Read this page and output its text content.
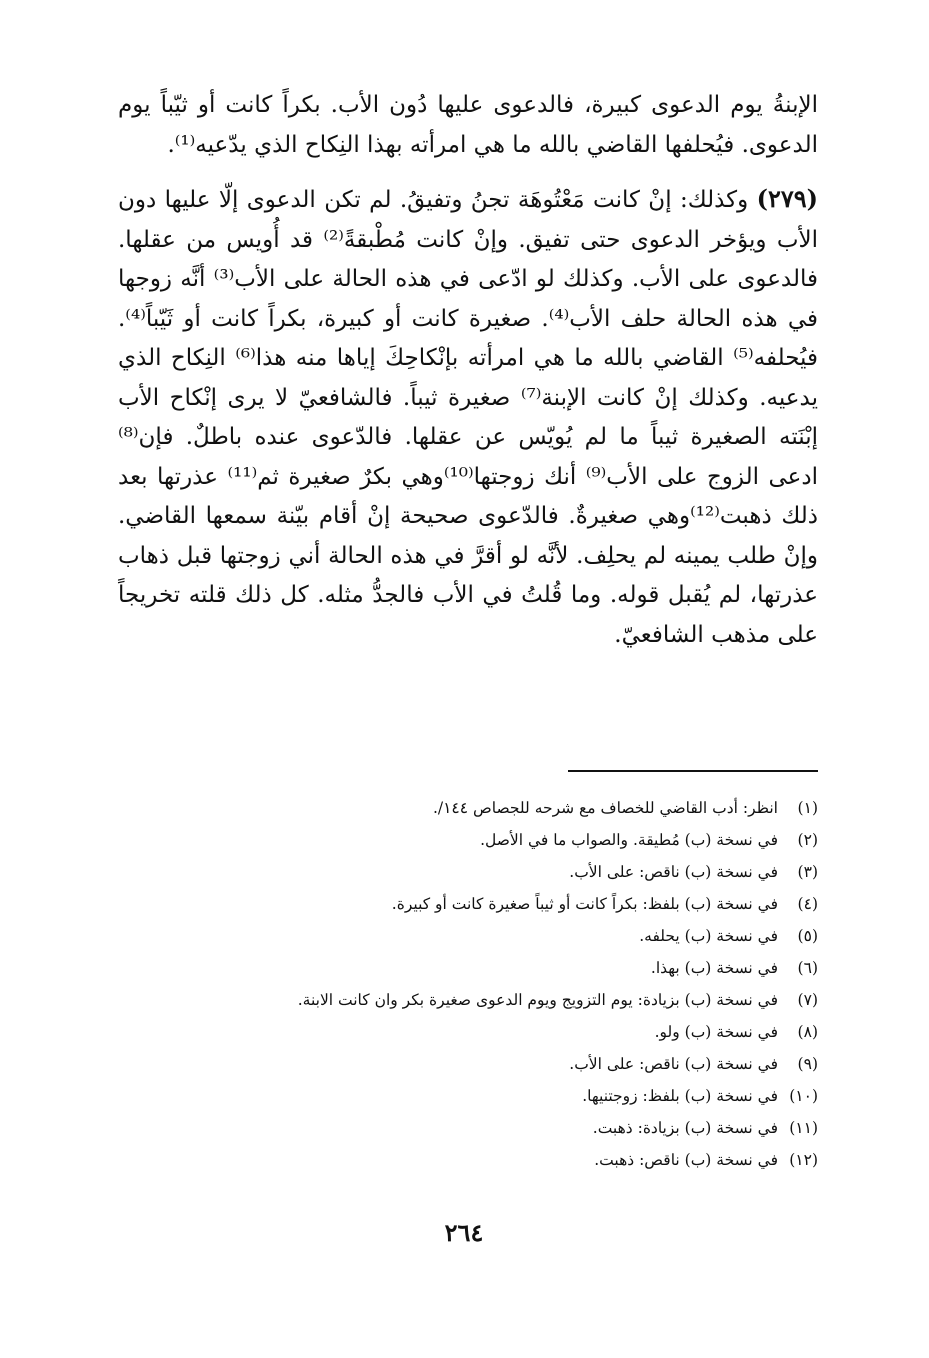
الإبنةُ يوم الدعوى كبيرة، فالدعوى عليها دُون الأب. بكراً كانت أو ثيّباً يوم الدعوى. فيُحلفها القاضي بالله ما هي امرأته بهذا النِكاح الذي يدّعيه⁽¹⁾.

(٢٧٩) وكذلك: إنْ كانت مَعْتُوهَة تجنُ وتفيقُ. لم تكن الدعوى إلّا عليها دون الأب ويؤخر الدعوى حتى تفيق. وإنْ كانت مُطْبقةً⁽²⁾ قد أُويس من عقلها. فالدعوى على الأب. وكذلك لو ادّعى في هذه الحالة على الأب⁽³⁾ أنَّه زوجها في هذه الحالة حلف الأب⁽⁴⁾. صغيرة كانت أو كبيرة، بكراً كانت أو ثَيّباً⁽⁴⁾. فيُحلفه⁽⁵⁾ القاضي بالله ما هي امرأته بإنْكاحِكَ إياها منه هذا⁽⁶⁾ النِكاح الذي يدعيه. وكذلك إنْ كانت الإبنة⁽⁷⁾ صغيرة ثيباً. فالشافعيّ لا يرى إنْكاح الأب إبْنَته الصغيرة ثيباً ما لم يُويّس عن عقلها. فالدّعوى عنده باطلٌ. فإن⁽⁸⁾ ادعى الزوج على الأب⁽⁹⁾ أنك زوجتها⁽¹⁰⁾وهي بكرٌ صغيرة ثم⁽¹¹⁾ عذرتها بعد ذلك ذهبت⁽¹²⁾وهي صغيرةٌ. فالدّعوى صحيحة إنْ أقام بيّنة سمعها القاضي. وإنْ طلب يمينه لم يحلِف. لأنَّه لو أقرَّ في هذه الحالة أني زوجتها قبل ذهاب عذرتها، لم يُقبل قوله. وما قُلتُ في الأب فالجدُّ مثله. كل ذلك قلته تخريجاً على مذهب الشافعيّ.

(١)
انظر: أدب القاضي للخصاف مع شرحه للجصاص ١٤٤/.
(٢)
في نسخة (ب) مُطيقة. والصواب ما في الأصل.
(٣)
في نسخة (ب) ناقص: على الأب.
(٤)
في نسخة (ب) بلفظ: بكراً كانت أو ثيباً صغيرة كانت أو كبيرة.
(٥)
في نسخة (ب) يحلفه.
(٦)
في نسخة (ب) بهذا.
(٧)
في نسخة (ب) بزيادة: يوم التزويج ويوم الدعوى صغيرة بكر وان كانت الابنة.
(٨)
في نسخة (ب) ولو.
(٩)
في نسخة (ب) ناقص: على الأب.
(١٠)
في نسخة (ب) بلفظ: زوجتنيها.
(١١)
في نسخة (ب) بزيادة: ذهبت.
(١٢)
في نسخة (ب) ناقص: ذهبت.
٢٦٤
